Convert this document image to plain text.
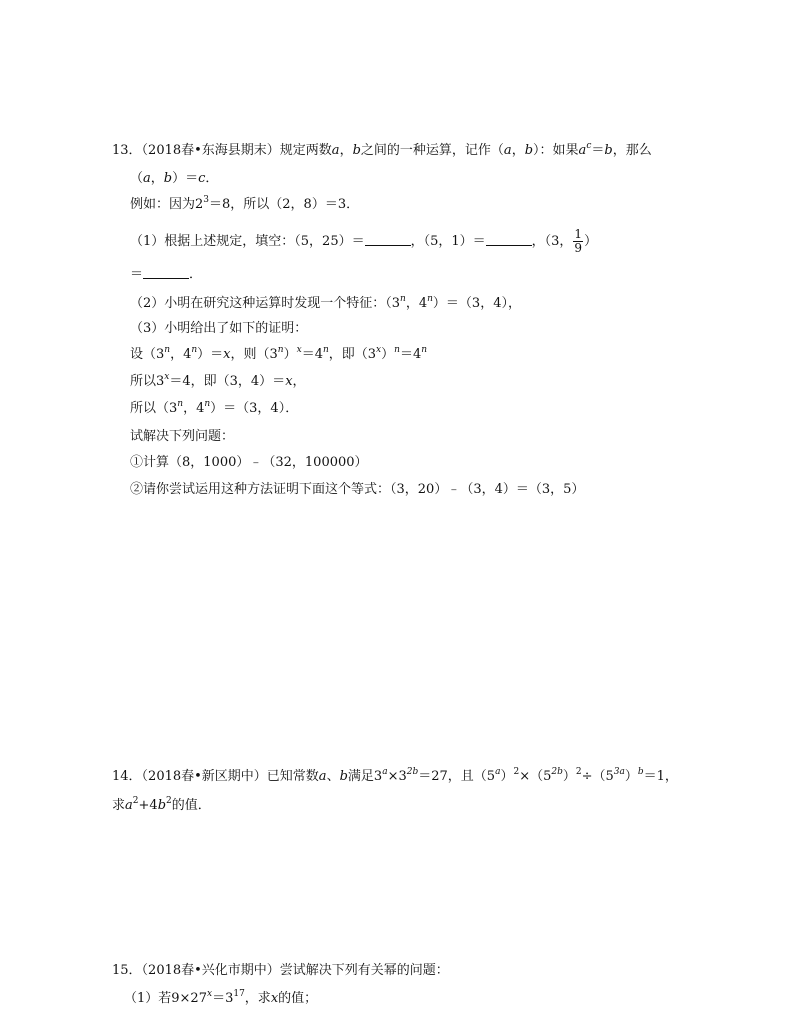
13．（2018春•东海县期末）规定两数a，b之间的一种运算，记作（a，b）：如果$a^c=b$，那么
（a，b）＝c．
例如：因为$2^3=8$，所以（2，8）＝3．
（1）根据上述规定，填空：（5，25）＝	，（5，1）＝	，（3， $\frac{1}{9}$ ）
＝	．
（2）小明在研究这种运算时发现一个特征：（3$^n$，$4^n)=(3$，4），
（3）小明给出了如下的证明：
设（3$^n$，$4^n)=x$，则$(3^n)^x=4^n$，即$(3^x)^n=4^n$
所以$3^x=4$，即（3，4）＝x，
所以（3$^n$，$4^n)=(3$，4）．
试解决下列问题：
①计算（8，1000）﹣（32，100000）
②请你尝试运用这种方法证明下面这个等式：（3，20）﹣（3，4）＝（3，5）
14．（2018春•新区期中）已知常数a、b满足$3^a\times 3^{2b}=27$，且$(5^a)^2\times(5^{2b})^2\div(5^{3a})^b=1$，
求$a^2+4b^2$的值．
15．（2018春•兴化市期中）尝试解决下列有关幂的问题：
（1）若$9\times 27^x=3^{17}$，求x的值；
